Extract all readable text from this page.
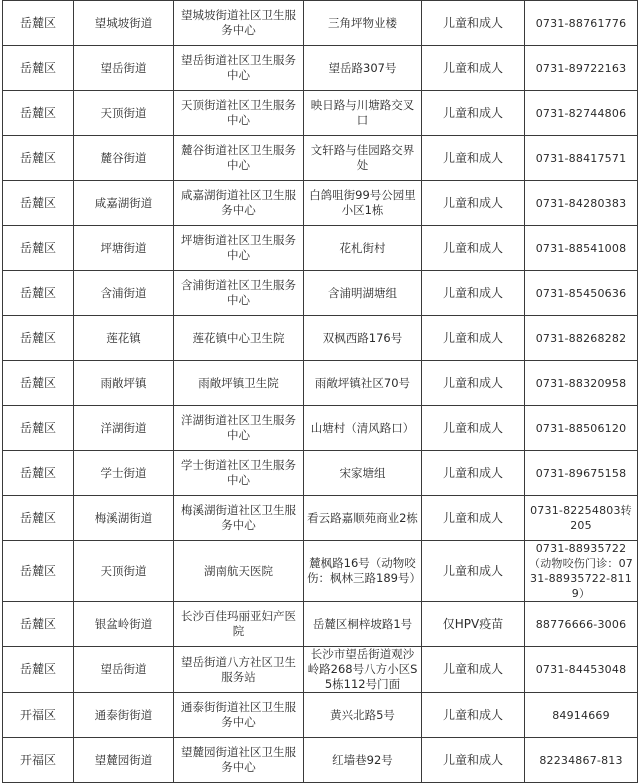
岳麓区	望城坡街道	望城坡街道社区卫生服务中心	三角坪物业楼	儿童和成人	0731-88761776
岳麓区	望岳街道	望岳街道社区卫生服务中心	望岳路307号	儿童和成人	0731-89722163
岳麓区	天顶街道	天顶街道社区卫生服务中心	映日路与川塘路交叉口	儿童和成人	0731-82744806
岳麓区	麓谷街道	麓谷街道社区卫生服务中心	文轩路与佳园路交界处	儿童和成人	0731-88417571
岳麓区	咸嘉湖街道	咸嘉湖街道社区卫生服务中心	白鸽咀街99号公园里小区1栋	儿童和成人	0731-84280383
岳麓区	坪塘街道	坪塘街道社区卫生服务中心	花札街村	儿童和成人	0731-88541008
岳麓区	含浦街道	含浦街道社区卫生服务中心	含浦明湖塘组	儿童和成人	0731-85450636
岳麓区	莲花镇	莲花镇中心卫生院	双枫西路176号	儿童和成人	0731-88268282
岳麓区	雨敞坪镇	雨敞坪镇卫生院	雨敞坪镇社区70号	儿童和成人	0731-88320958
岳麓区	洋湖街道	洋湖街道社区卫生服务中心	山塘村（清风路口）	儿童和成人	0731-88506120
岳麓区	学士街道	学士街道社区卫生服务中心	宋家塘组	儿童和成人	0731-89675158
岳麓区	梅溪湖街道	梅溪湖街道社区卫生服务中心	看云路嘉顺苑商业2栋	儿童和成人	0731-82254803转205
岳麓区	天顶街道	湖南航天医院	麓枫路16号（动物咬伤：枫林三路189号）	儿童和成人	0731-88935722（动物咬伤门诊：0731-88935722-8119）
岳麓区	银盆岭街道	长沙百佳玛丽亚妇产医院	岳麓区桐梓坡路1号	仅HPV疫苗	88776666-3006
岳麓区	望岳街道	望岳街道八方社区卫生服务站	长沙市望岳街道观沙岭路268号八方小区S5栋112号门面	儿童和成人	0731-84453048
开福区	通泰街街道	通泰街街道社区卫生服务中心	黄兴北路5号	儿童和成人	84914669
开福区	望麓园街道	望麓园街道社区卫生服务中心	红墙巷92号	儿童和成人	82234867-813
